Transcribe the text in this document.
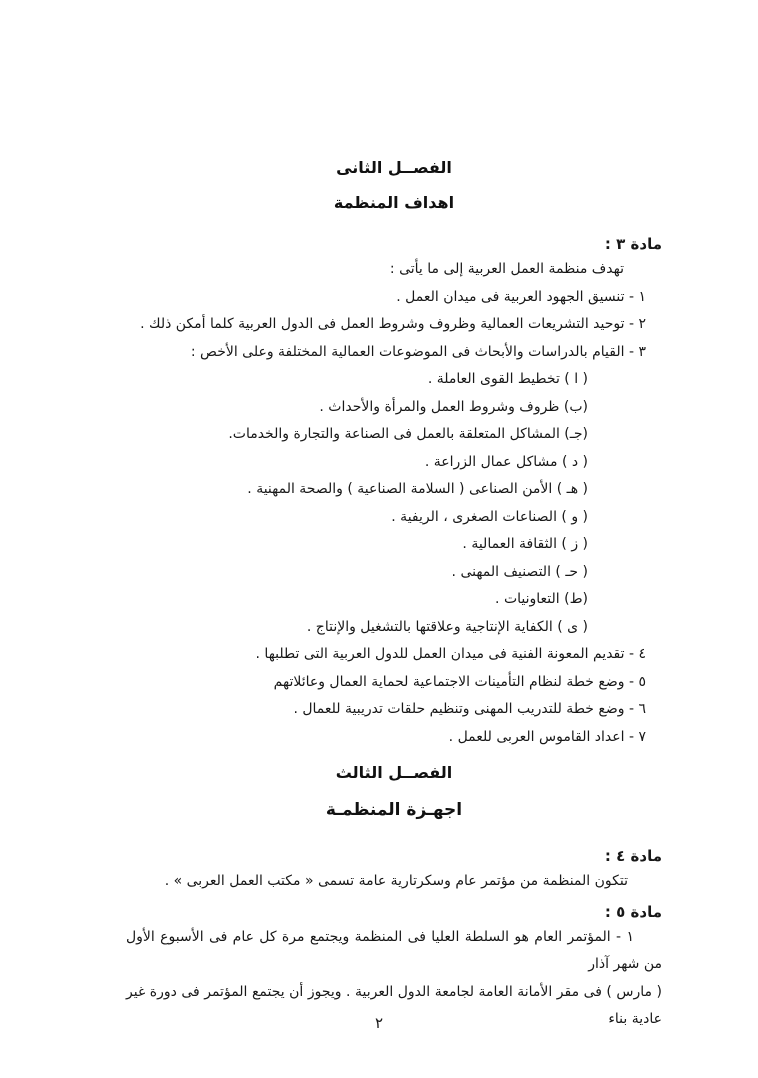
الفصــل الثانى
اهداف المنظمة
مادة ٣ :

تهدف منظمة العمل العربية إلى ما يأتى :

١ - تنسيق الجهود العربية فى ميدان العمل .

٢ - توحيد التشريعات العمالية وظروف وشروط العمل فى الدول العربية كلما أمكن ذلك .

٣ - القيام بالدراسات والأبحاث فى الموضوعات العمالية المختلفة وعلى الأخص :

( ا ) تخطيط القوى العاملة .

(ب) ظروف وشروط العمل والمرأة والأحداث .

(جـ) المشاكل المتعلقة بالعمل فى الصناعة والتجارة والخدمات.

( د ) مشاكل عمال الزراعة .

( هـ ) الأمن الصناعى ( السلامة الصناعية ) والصحة المهنية .

( و ) الصناعات الصغرى ، الريفية .

( ز ) الثقافة العمالية .

( حـ ) التصنيف المهنى .

(ط) التعاونيات .

( ى ) الكفاية الإنتاجية وعلاقتها بالتشغيل والإنتاج .

٤ - تقديم المعونة الفنية فى ميدان العمل للدول العربية التى تطلبها .

٥ - وضع خطة لنظام التأمينات الاجتماعية لحماية العمال وعائلاتهم

٦ - وضع خطة للتدريب المهنى وتنظيم حلقات تدريبية للعمال .

٧ - اعداد القاموس العربى للعمل .

الفصــل الثالث
اجهـزة المنظمـة
مادة ٤ :

تتكون المنظمة من مؤتمر عام وسكرتارية عامة تسمى « مكتب العمل العربى » .

مادة ٥ :

١ - المؤتمر العام هو السلطة العليا فى المنظمة ويجتمع مرة كل عام فى الأسبوع الأول من شهر آذار

( مارس ) فى مقر الأمانة العامة لجامعة الدول العربية . ويجوز أن يجتمع المؤتمر فى دورة غير عادية بناء

٢
